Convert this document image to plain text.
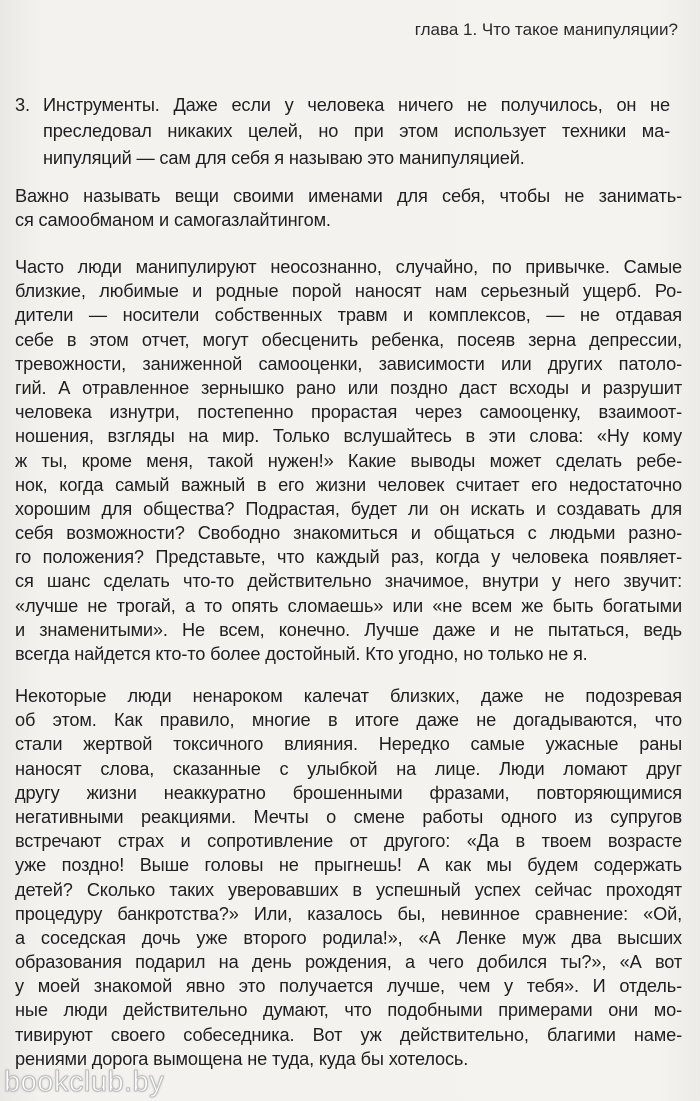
глава 1. Что такое манипуляции?
3. Инструменты. Даже если у человека ничего не получилось, он не
преследовал никаких целей, но при этом использует техники ма-
нипуляций — сам для себя я называю это манипуляцией.
Важно называть вещи своими именами для себя, чтобы не занимать-
ся самообманом и самогазлайтингом.
Часто люди манипулируют неосознанно, случайно, по привычке. Самые
близкие, любимые и родные порой наносят нам серьезный ущерб. Ро-
дители — носители собственных травм и комплексов, — не отдавая
себе в этом отчет, могут обесценить ребенка, посеяв зерна депрессии,
тревожности, заниженной самооценки, зависимости или других патоло-
гий. А отравленное зернышко рано или поздно даст всходы и разрушит
человека изнутри, постепенно прорастая через самооценку, взаимоот-
ношения, взгляды на мир. Только вслушайтесь в эти слова: «Ну кому
ж ты, кроме меня, такой нужен!» Какие выводы может сделать ребе-
нок, когда самый важный в его жизни человек считает его недостаточно
хорошим для общества? Подрастая, будет ли он искать и создавать для
себя возможности? Свободно знакомиться и общаться с людьми разно-
го положения? Представьте, что каждый раз, когда у человека появляет-
ся шанс сделать что-то действительно значимое, внутри у него звучит:
«лучше не трогай, а то опять сломаешь» или «не всем же быть богатыми
и знаменитыми». Не всем, конечно. Лучше даже и не пытаться, ведь
всегда найдется кто-то более достойный. Кто угодно, но только не я.
Некоторые люди ненароком калечат близких, даже не подозревая
об этом. Как правило, многие в итоге даже не догадываются, что
стали жертвой токсичного влияния. Нередко самые ужасные раны
наносят слова, сказанные с улыбкой на лице. Люди ломают друг
другу жизни неаккуратно брошенными фразами, повторяющимися
негативными реакциями. Мечты о смене работы одного из супругов
встречают страх и сопротивление от другого: «Да в твоем возрасте
уже поздно! Выше головы не прыгнешь! А как мы будем содержать
детей? Сколько таких уверовавших в успешный успех сейчас проходят
процедуру банкротства?» Или, казалось бы, невинное сравнение: «Ой,
а соседская дочь уже второго родила!», «А Ленке муж два высших
образования подарил на день рождения, а чего добился ты?», «А вот
у моей знакомой явно это получается лучше, чем у тебя». И отдель-
ные люди действительно думают, что подобными примерами они мо-
тивируют своего собеседника. Вот уж действительно, благими наме-
рениями дорога вымощена не туда, куда бы хотелось.
bookclub.by
